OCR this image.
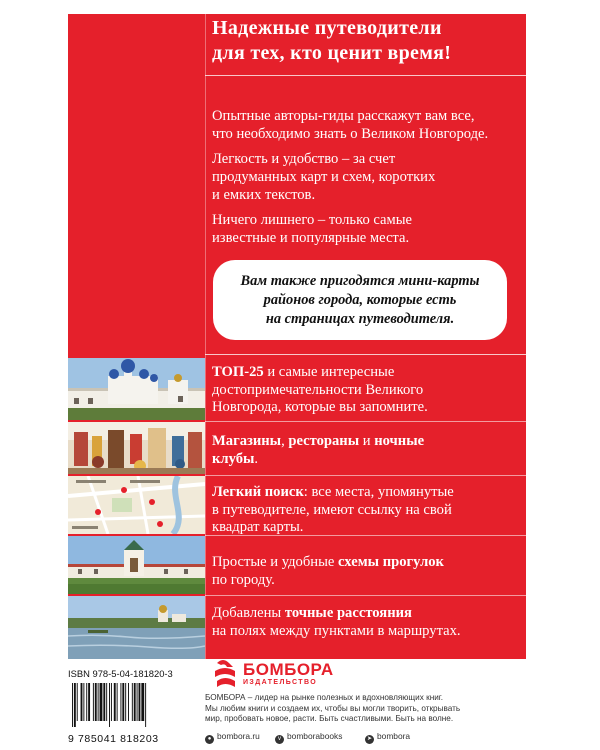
Надежные путеводители
для тех, кто ценит время!
Опытные авторы-гиды расскажут вам все,
что необходимо знать о Великом Новгороде.
Легкость и удобство – за счет
продуманных карт и схем, коротких
и емких текстов.
Ничего лишнего – только самые
известные и популярные места.
Вам также пригодятся мини-карты
районов города, которые есть
на страницах путеводителя.
ТОП-25 и самые интересные
достопримечательности Великого
Новгорода, которые вы запомните.
Магазины, рестораны и ночные
клубы.
Легкий поиск: все места, упомянутые
в путеводителе, имеют ссылку на свой
квадрат карты.
Простые и удобные схемы прогулок
по городу.
Добавлены точные расстояния
на полях между пунктами в маршрутах.
ISBN 978-5-04-181820-3
9 785041 818203
БОМБОРА
ИЗДАТЕЛЬСТВО
БОМБОРА – лидер на рынке полезных и вдохновляющих книг.
Мы любим книги и создаем их, чтобы вы могли творить, открывать
мир, пробовать новое, расти. Быть счастливыми. Быть на волне.
● bombora.ru	v bomborabooks	➤ bombora
